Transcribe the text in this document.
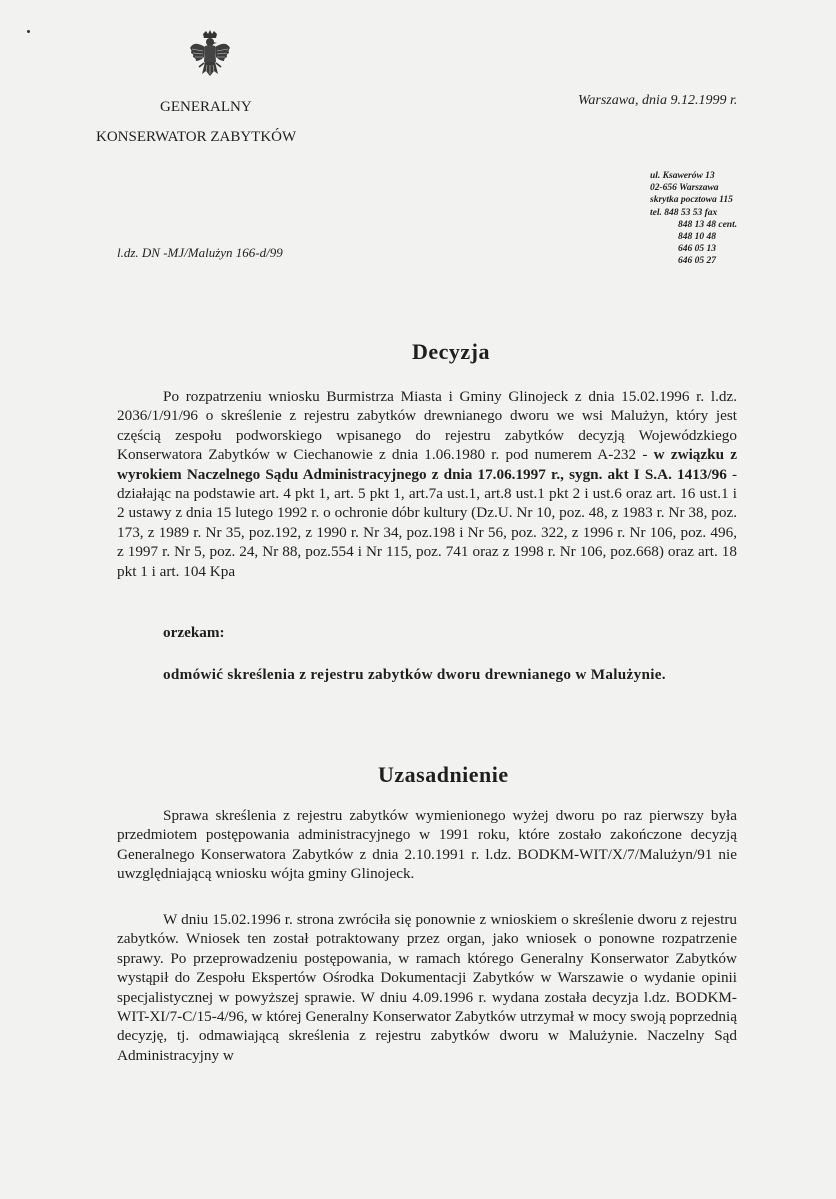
GENERALNY
KONSERWATOR ZABYTKÓW
Warszawa, dnia 9.12.1999 r.
ul. Ksawerów 13
02-656 Warszawa
skrytka pocztowa 115
tel. 848 53 53 fax
848 13 48 cent.
848 10 48
646 05 13
646 05 27
l.dz. DN -MJ/Malużyn 166-d/99
Decyzja

Po rozpatrzeniu wniosku Burmistrza Miasta i Gminy Glinojeck z dnia 15.02.1996 r. l.dz. 2036/1/91/96 o skreślenie z rejestru zabytków drewnianego dworu we wsi Malużyn, który jest częścią zespołu podworskiego wpisanego do rejestru zabytków decyzją Wojewódzkiego Konserwatora Zabytków w Ciechanowie z dnia 1.06.1980 r. pod numerem A-232 - w związku z wyrokiem Naczelnego Sądu Administracyjnego z dnia 17.06.1997 r., sygn. akt I S.A. 1413/96 - działając na podstawie art. 4 pkt 1, art. 5 pkt 1, art.7a ust.1, art.8 ust.1 pkt 2 i ust.6 oraz art. 16 ust.1 i 2 ustawy z dnia 15 lutego 1992 r. o ochronie dóbr kultury (Dz.U. Nr 10, poz. 48, z 1983 r. Nr 38, poz. 173, z 1989 r. Nr 35, poz.192, z 1990 r. Nr 34, poz.198 i Nr 56, poz. 322, z 1996 r. Nr 106, poz. 496, z 1997 r. Nr 5, poz. 24, Nr 88, poz.554 i Nr 115, poz. 741 oraz z 1998 r. Nr 106, poz.668) oraz art. 18 pkt 1 i art. 104 Kpa

orzekam:
odmówić skreślenia z rejestru zabytków dworu drewnianego w Malużynie.
Uzasadnienie

Sprawa skreślenia z rejestru zabytków wymienionego wyżej dworu po raz pierwszy była przedmiotem postępowania administracyjnego w 1991 roku, które zostało zakończone decyzją Generalnego Konserwatora Zabytków z dnia 2.10.1991 r. l.dz. BODKM-WIT/X/7/Malużyn/91 nie uwzględniającą wniosku wójta gminy Glinojeck.

W dniu 15.02.1996 r. strona zwróciła się ponownie z wnioskiem o skreślenie dworu z rejestru zabytków. Wniosek ten został potraktowany przez organ, jako wniosek o ponowne rozpatrzenie sprawy. Po przeprowadzeniu postępowania, w ramach którego Generalny Konserwator Zabytków wystąpił do Zespołu Ekspertów Ośrodka Dokumentacji Zabytków w Warszawie o wydanie opinii specjalistycznej w powyższej sprawie. W dniu 4.09.1996 r. wydana została decyzja l.dz. BODKM-WIT-XI/7-C/15-4/96, w której Generalny Konserwator Zabytków utrzymał w mocy swoją poprzednią decyzję, tj. odmawiającą skreślenia z rejestru zabytków dworu w Malużynie. Naczelny Sąd Administracyjny w
